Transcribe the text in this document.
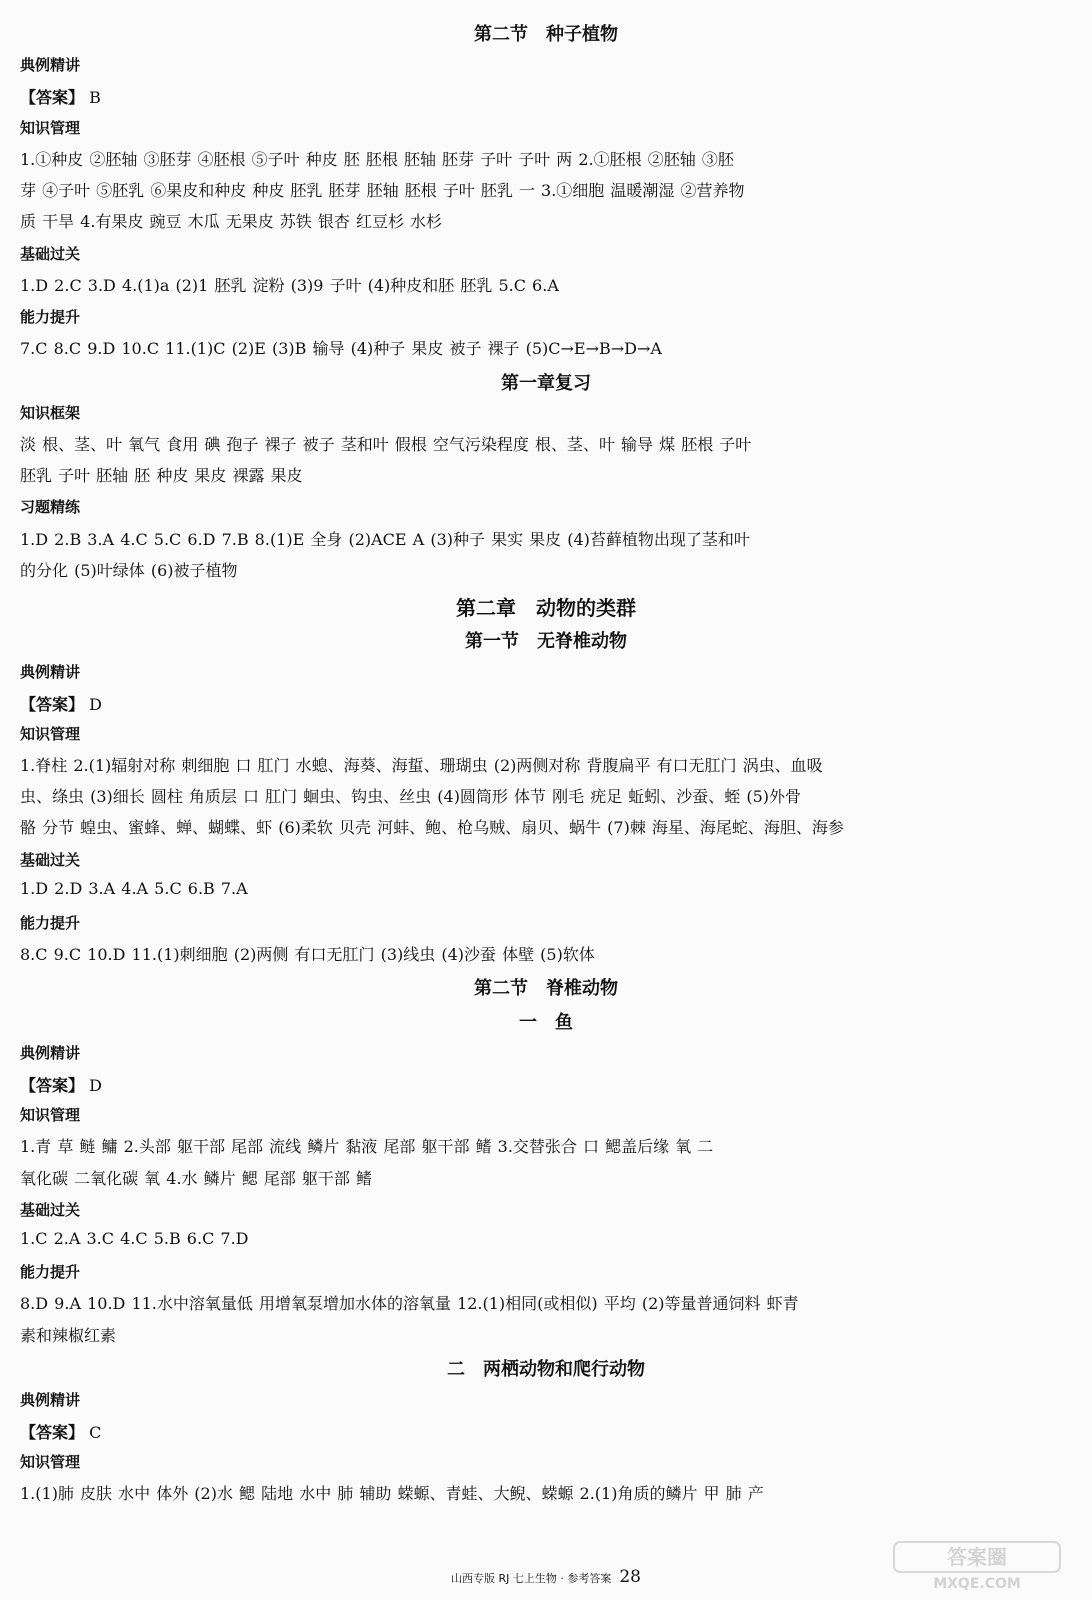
第二节　种子植物
典例精讲
【答案】 B
知识管理
1.①种皮 ②胚轴 ③胚芽 ④胚根 ⑤子叶 种皮 胚 胚根 胚轴 胚芽 子叶 子叶 两 2.①胚根 ②胚轴 ③胚
芽 ④子叶 ⑤胚乳 ⑥果皮和种皮 种皮 胚乳 胚芽 胚轴 胚根 子叶 胚乳 一 3.①细胞 温暖潮湿 ②营养物
质 干旱 4.有果皮 豌豆 木瓜 无果皮 苏铁 银杏 红豆杉 水杉
基础过关
1.D 2.C 3.D 4.(1)a (2)1 胚乳 淀粉 (3)9 子叶 (4)种皮和胚 胚乳 5.C 6.A
能力提升
7.C 8.C 9.D 10.C 11.(1)C (2)E (3)B 输导 (4)种子 果皮 被子 裸子 (5)C→E→B→D→A
第一章复习
知识框架
淡 根、茎、叶 氧气 食用 碘 孢子 裸子 被子 茎和叶 假根 空气污染程度 根、茎、叶 输导 煤 胚根 子叶
胚乳 子叶 胚轴 胚 种皮 果皮 裸露 果皮
习题精练
1.D 2.B 3.A 4.C 5.C 6.D 7.B 8.(1)E 全身 (2)ACE A (3)种子 果实 果皮 (4)苔藓植物出现了茎和叶
的分化 (5)叶绿体 (6)被子植物
第二章　动物的类群
第一节　无脊椎动物
典例精讲
【答案】 D
知识管理
1.脊柱 2.(1)辐射对称 刺细胞 口 肛门 水螅、海葵、海蜇、珊瑚虫 (2)两侧对称 背腹扁平 有口无肛门 涡虫、血吸
虫、绦虫 (3)细长 圆柱 角质层 口 肛门 蛔虫、钩虫、丝虫 (4)圆筒形 体节 刚毛 疣足 蚯蚓、沙蚕、蛭 (5)外骨
骼 分节 蝗虫、蜜蜂、蝉、蝴蝶、虾 (6)柔软 贝壳 河蚌、鲍、枪乌贼、扇贝、蜗牛 (7)棘 海星、海尾蛇、海胆、海参
基础过关
1.D 2.D 3.A 4.A 5.C 6.B 7.A
能力提升
8.C 9.C 10.D 11.(1)刺细胞 (2)两侧 有口无肛门 (3)线虫 (4)沙蚕 体壁 (5)软体
第二节　脊椎动物
一　鱼
典例精讲
【答案】 D
知识管理
1.青 草 鲢 鳙 2.头部 躯干部 尾部 流线 鳞片 黏液 尾部 躯干部 鳍 3.交替张合 口 鳃盖后缘 氧 二
氧化碳 二氧化碳 氧 4.水 鳞片 鳃 尾部 躯干部 鳍
基础过关
1.C 2.A 3.C 4.C 5.B 6.C 7.D
能力提升
8.D 9.A 10.D 11.水中溶氧量低 用增氧泵增加水体的溶氧量 12.(1)相同(或相似) 平均 (2)等量普通饲料 虾青
素和辣椒红素
二　两栖动物和爬行动物
典例精讲
【答案】 C
知识管理
1.(1)肺 皮肤 水中 体外 (2)水 鳃 陆地 水中 肺 辅助 蝾螈、青蛙、大鲵、蝾螈 2.(1)角质的鳞片 甲 肺 产
山西专版 RJ 七上生物 · 参考答案 28
答案圈
MXQE.COM
